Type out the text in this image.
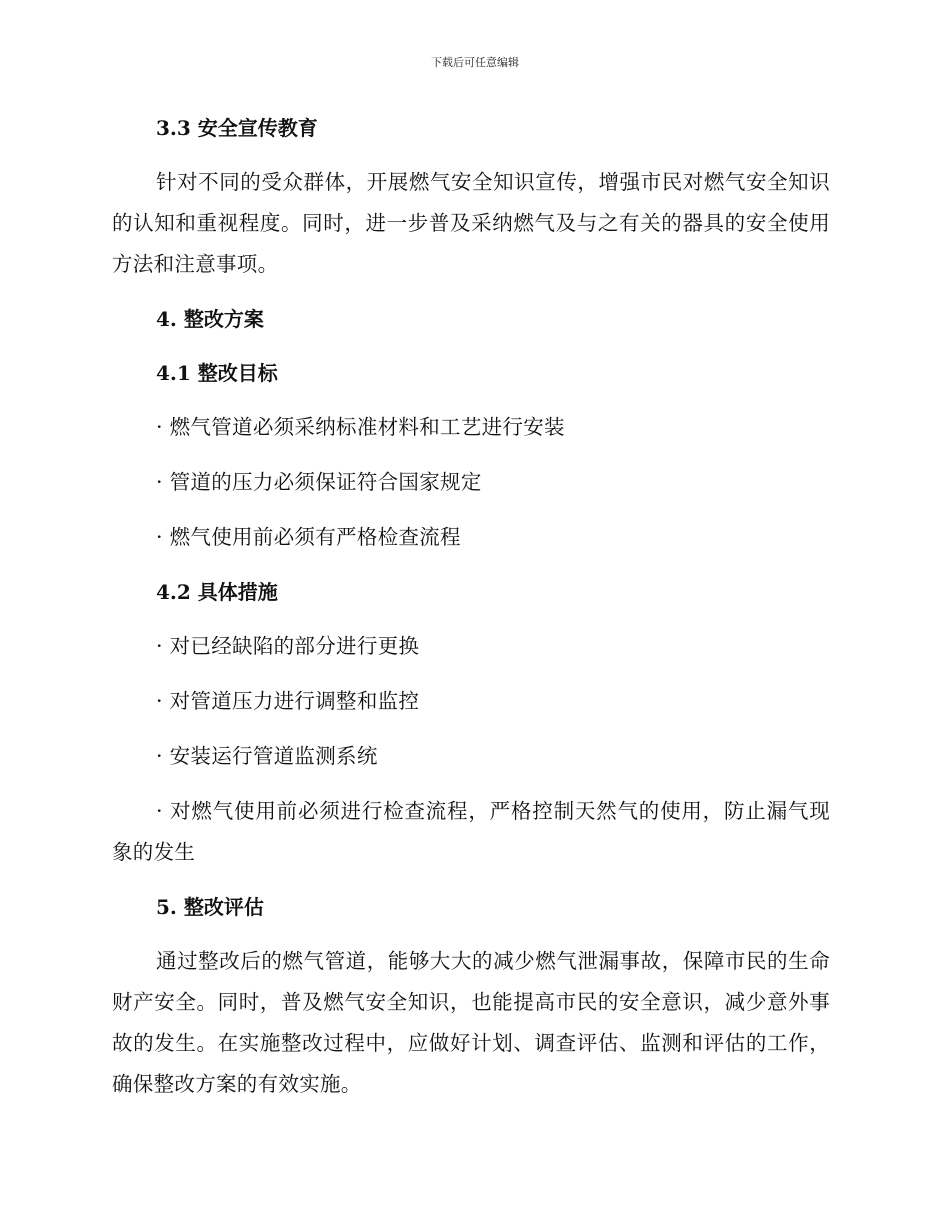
下载后可任意编辑
3.3 安全宣传教育

针对不同的受众群体，开展燃气安全知识宣传，增强市民对燃气安全知识的认知和重视程度。同时，进一步普及采纳燃气及与之有关的器具的安全使用方法和注意事项。

4. 整改方案
4.1 整改目标

· 燃气管道必须采纳标准材料和工艺进行安装

· 管道的压力必须保证符合国家规定

· 燃气使用前必须有严格检查流程

4.2 具体措施

· 对已经缺陷的部分进行更换

· 对管道压力进行调整和监控

· 安装运行管道监测系统

· 对燃气使用前必须进行检查流程，严格控制天然气的使用，防止漏气现象的发生

5. 整改评估

通过整改后的燃气管道，能够大大的减少燃气泄漏事故，保障市民的生命财产安全。同时，普及燃气安全知识，也能提高市民的安全意识，减少意外事故的发生。在实施整改过程中，应做好计划、调查评估、监测和评估的工作，确保整改方案的有效实施。
